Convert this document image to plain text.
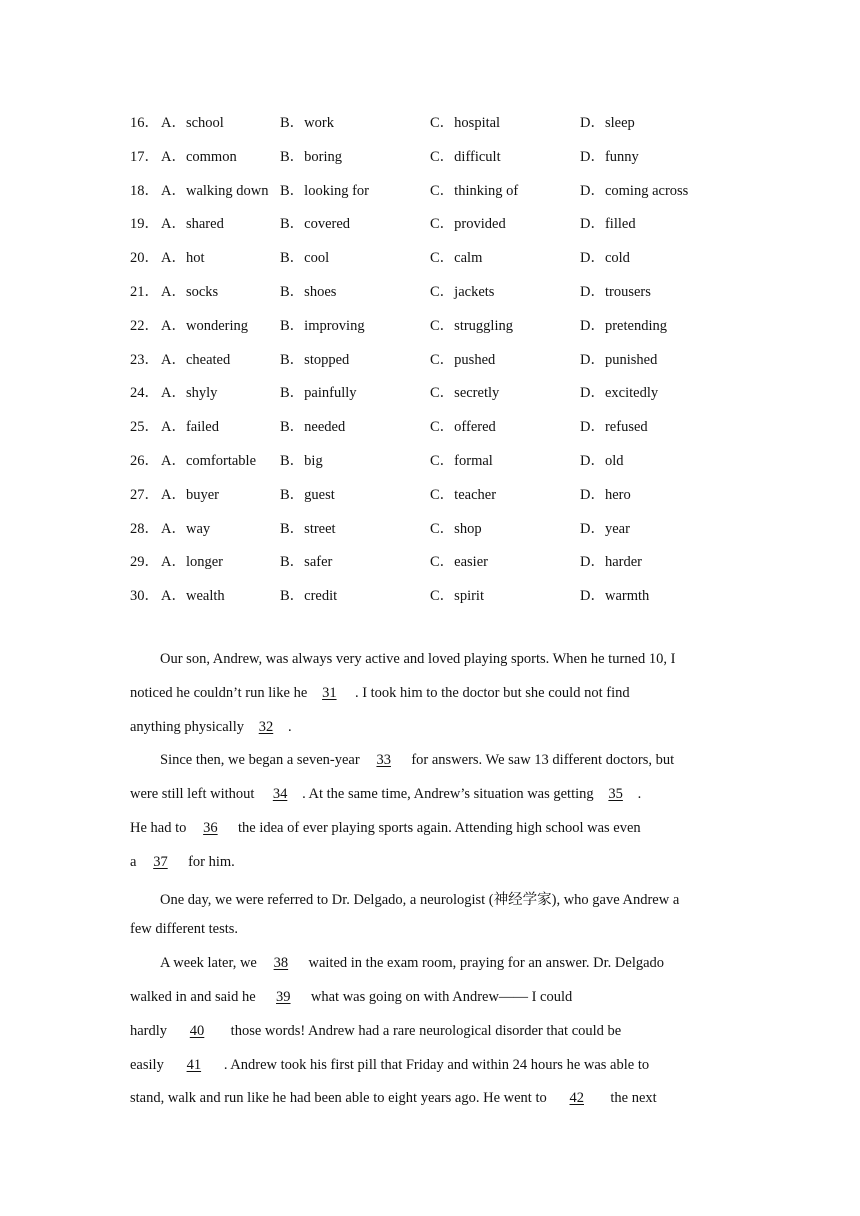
16． A．school	B．work	C．hospital	D．sleep
17． A．common	B．boring	C．difficult	D．funny
18． A．walking down B．looking for	C．thinking of	D．coming across
19． A．shared	B．covered	C．provided	D．filled
20． A．hot	B．cool	C．calm	D．cold
21． A．socks	B．shoes	C．jackets	D．trousers
22． A．wondering B．improving	C．struggling	D．pretending
23． A．cheated	B．stopped	C．pushed	D．punished
24． A．shyly	B．painfully	C．secretly	D．excitedly
25． A．failed	B．needed	C．offered	D．refused
26． A．comfortable B．big	C．formal	D．old
27． A．buyer	B．guest	C．teacher	D．hero
28． A．way	B．street	C．shop	D．year
29． A．longer	B．safer	C．easier	D．harder
30． A．wealth	B．credit	C．spirit	D．warmth
Our son, Andrew, was always very active and loved playing sports. When he turned 10, I
noticed he couldn’t run like he 31 . I took him to the doctor but she could not find
anything physically 32 .
Since then, we began a seven-year 33 for answers. We saw 13 different doctors, but
were still left without 34 . At the same time, Andrew’s situation was getting 35 .
He had to 36 the idea of ever playing sports again. Attending high school was even
a 37 for him.
One day, we were referred to Dr. Delgado, a neurologist (神经学家), who gave Andrew a
few different tests.
A week later, we 38 waited in the exam room, praying for an answer. Dr. Delgado
walked in and said he 39 what was going on with Andrew—— I could
hardly 40 those words! Andrew had a rare neurological disorder that could be
easily 41 . Andrew took his first pill that Friday and within 24 hours he was able to
stand, walk and run like he had been able to eight years ago. He went to 42 the next
